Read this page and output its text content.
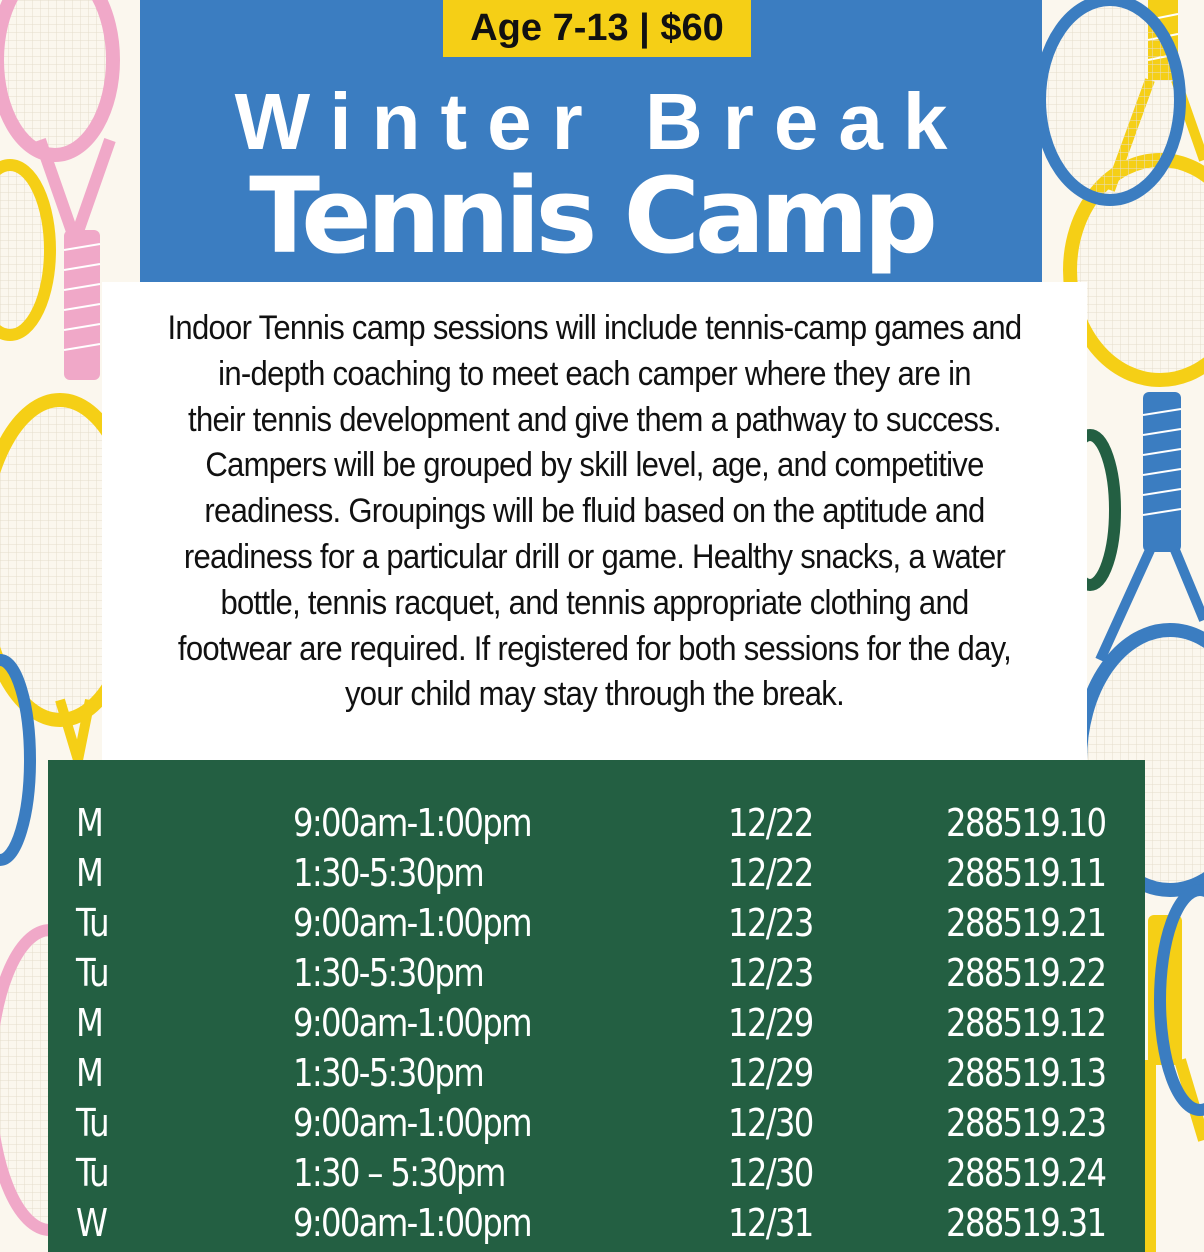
Age 7-13 | $60
Winter Break
Tennis Camp
Indoor Tennis camp sessions will include tennis-camp games and
in-depth coaching to meet each camper where they are in
their tennis development and give them a pathway to success.
Campers will be grouped by skill level, age, and competitive
readiness. Groupings will be fluid based on the aptitude and
readiness for a particular drill or game. Healthy snacks, a water
bottle, tennis racquet, and tennis appropriate clothing and
footwear are required. If registered for both sessions for the day,
your child may stay through the break.
M	9:00am-1:00pm	12/22	288519.10
M	1:30-5:30pm	12/22	288519.11
Tu	9:00am-1:00pm	12/23	288519.21
Tu	1:30-5:30pm	12/23	288519.22
M	9:00am-1:00pm	12/29	288519.12
M	1:30-5:30pm	12/29	288519.13
Tu	9:00am-1:00pm	12/30	288519.23
Tu	1:30 – 5:30pm	12/30	288519.24
W	9:00am-1:00pm	12/31	288519.31
